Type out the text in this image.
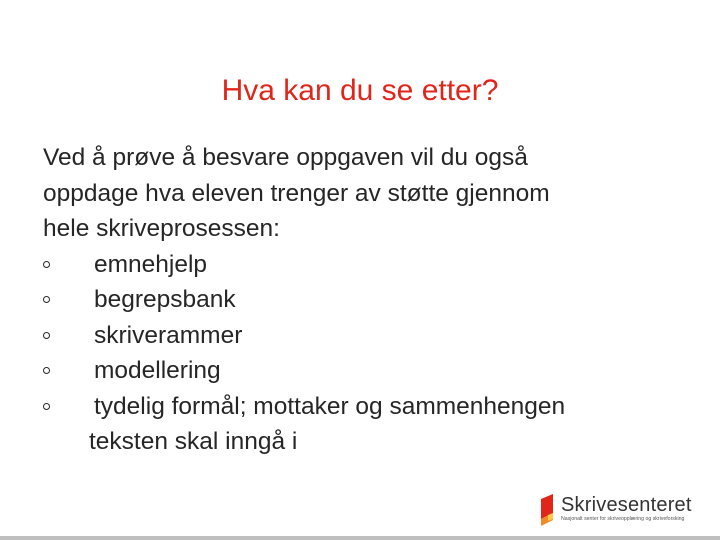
Hva kan du se etter?
Ved å prøve å besvare oppgaven vil du også
oppdage hva eleven trenger av støtte gjennom
hele skriveprosessen:
emnehjelp
begrepsbank
skriverammer
modellering
tydelig formål; mottaker og sammenhengen
teksten skal inngå i
Skrivesenteret
Nasjonalt senter for skriveopplæring og skriveforsking
